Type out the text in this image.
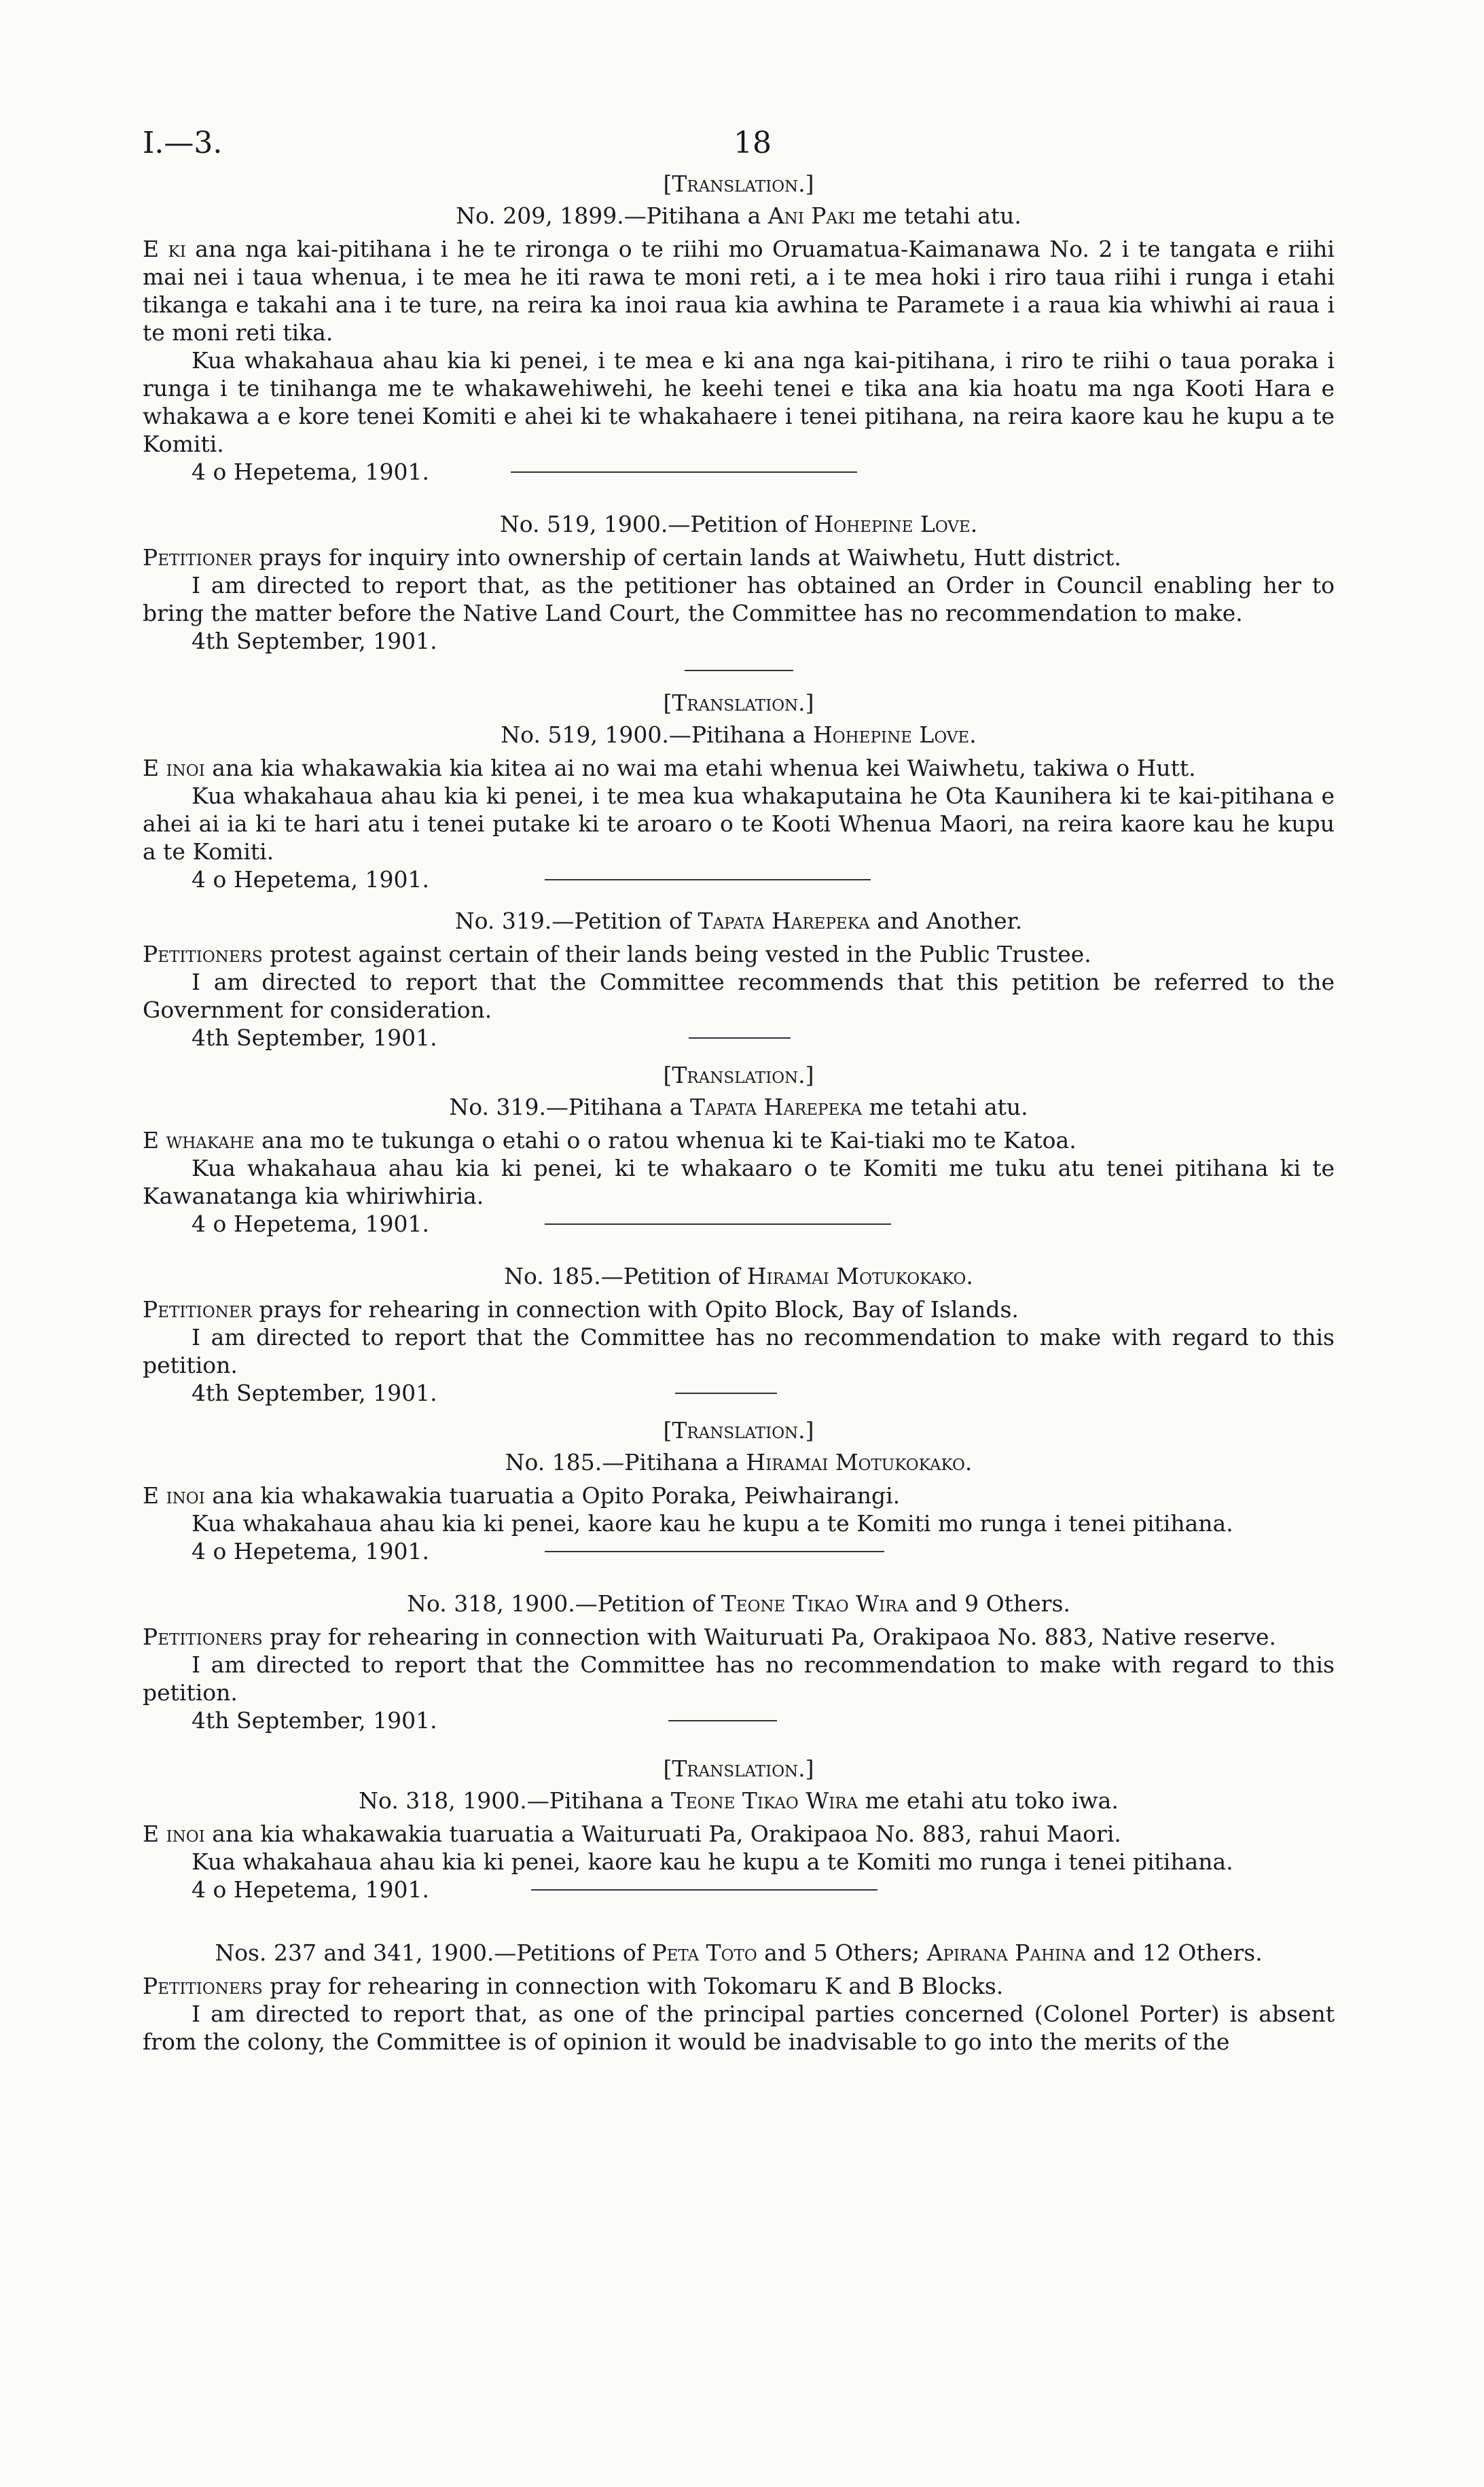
I.—3.	18
[Translation.]
No. 209, 1899.—Pitihana a Ani Paki me tetahi atu.

E ki ana nga kai-pitihana i he te rironga o te riihi mo Oruamatua-Kaimanawa No. 2 i te tangata e riihi mai nei i taua whenua, i te mea he iti rawa te moni reti, a i te mea hoki i riro taua riihi i runga i etahi tikanga e takahi ana i te ture, na reira ka inoi raua kia awhina te Paramete i a raua kia whiwhi ai raua i te moni reti tika.

Kua whakahaua ahau kia ki penei, i te mea e ki ana nga kai-pitihana, i riro te riihi o taua poraka i runga i te tinihanga me te whakawehiwehi, he keehi tenei e tika ana kia hoatu ma nga Kooti Hara e whakawa a e kore tenei Komiti e ahei ki te whakahaere i tenei pitihana, na reira kaore kau he kupu a te Komiti.

4 o Hepetema, 1901.
No. 519, 1900.—Petition of Hohepine Love.

Petitioner prays for inquiry into ownership of certain lands at Waiwhetu, Hutt district.

I am directed to report that, as the petitioner has obtained an Order in Council enabling her to bring the matter before the Native Land Court, the Committee has no recommendation to make.

4th September, 1901.
[Translation.]
No. 519, 1900.—Pitihana a Hohepine Love.

E inoi ana kia whakawakia kia kitea ai no wai ma etahi whenua kei Waiwhetu, takiwa o Hutt.

Kua whakahaua ahau kia ki penei, i te mea kua whakaputaina he Ota Kaunihera ki te kai-pitihana e ahei ai ia ki te hari atu i tenei putake ki te aroaro o te Kooti Whenua Maori, na reira kaore kau he kupu a te Komiti.

4 o Hepetema, 1901.
No. 319.—Petition of Tapata Harepeka and Another.

Petitioners protest against certain of their lands being vested in the Public Trustee.

I am directed to report that the Committee recommends that this petition be referred to the Government for consideration.

4th September, 1901.
[Translation.]
No. 319.—Pitihana a Tapata Harepeka me tetahi atu.

E whakahe ana mo te tukunga o etahi o o ratou whenua ki te Kai-tiaki mo te Katoa.

Kua whakahaua ahau kia ki penei, ki te whakaaro o te Komiti me tuku atu tenei pitihana ki te Kawanatanga kia whiriwhiria.

4 o Hepetema, 1901.
No. 185.—Petition of Hiramai Motukokako.

Petitioner prays for rehearing in connection with Opito Block, Bay of Islands.

I am directed to report that the Committee has no recommendation to make with regard to this petition.

4th September, 1901.
[Translation.]
No. 185.—Pitihana a Hiramai Motukokako.

E inoi ana kia whakawakia tuaruatia a Opito Poraka, Peiwhairangi.

Kua whakahaua ahau kia ki penei, kaore kau he kupu a te Komiti mo runga i tenei pitihana.

4 o Hepetema, 1901.
No. 318, 1900.—Petition of Teone Tikao Wira and 9 Others.

Petitioners pray for rehearing in connection with Waituruati Pa, Orakipaoa No. 883, Native reserve.

I am directed to report that the Committee has no recommendation to make with regard to this petition.

4th September, 1901.
[Translation.]
No. 318, 1900.—Pitihana a Teone Tikao Wira me etahi atu toko iwa.

E inoi ana kia whakawakia tuaruatia a Waituruati Pa, Orakipaoa No. 883, rahui Maori.

Kua whakahaua ahau kia ki penei, kaore kau he kupu a te Komiti mo runga i tenei pitihana.

4 o Hepetema, 1901.
Nos. 237 and 341, 1900.—Petitions of Peta Toto and 5 Others; Apirana Pahina and 12 Others.

Petitioners pray for rehearing in connection with Tokomaru K and B Blocks.

I am directed to report that, as one of the principal parties concerned (Colonel Porter) is absent from the colony, the Committee is of opinion it would be inadvisable to go into the merits of the
